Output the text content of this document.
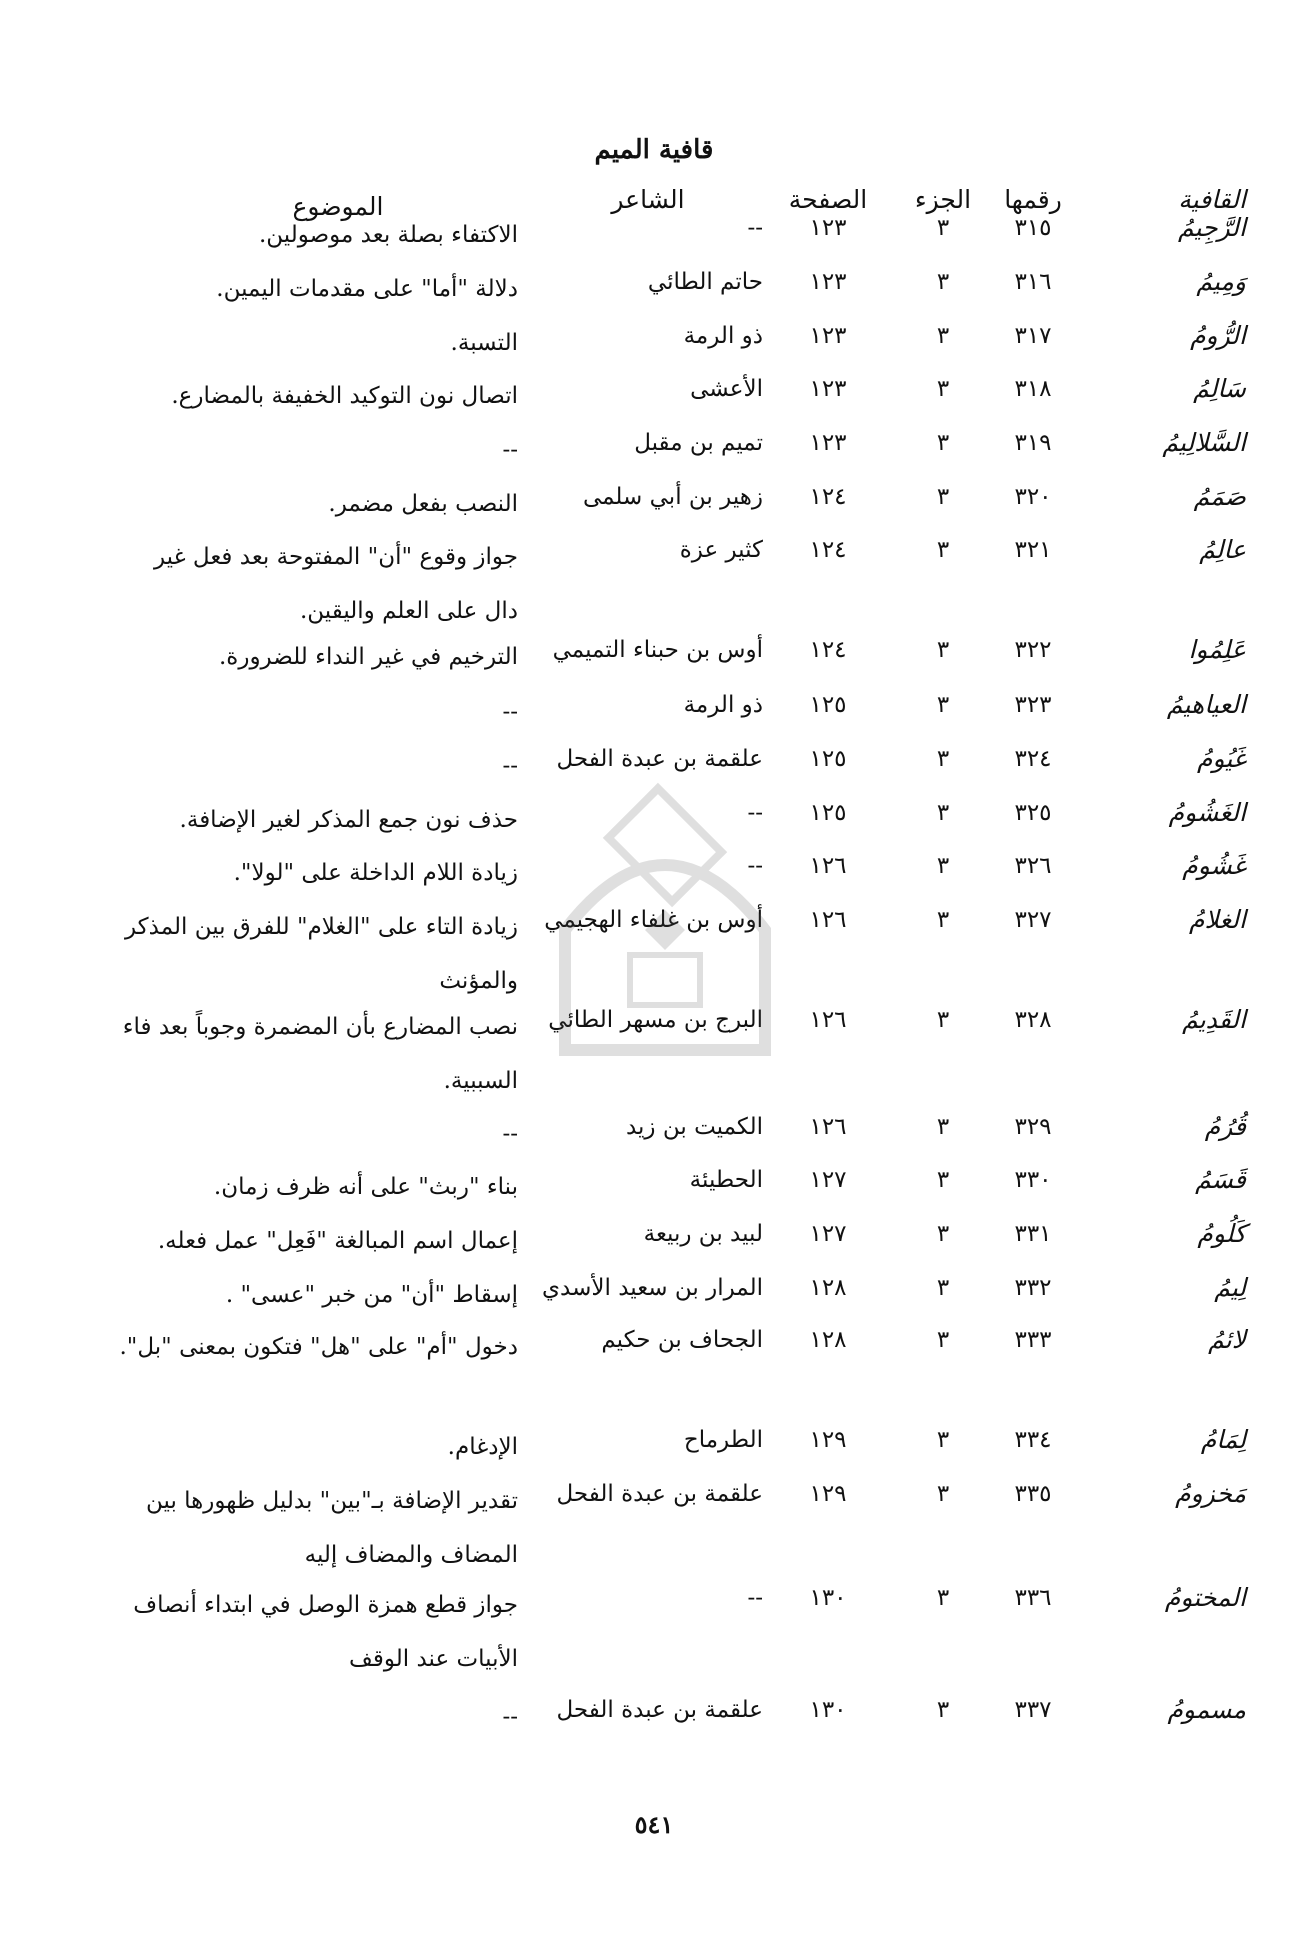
قافية الميم
القافية
رقمها
الجزء
الصفحة
الشاعر
الموضوع
الرَّجِيمُ
٣١٥
٣
١٢٣
--
الاكتفاء بصلة بعد موصولين.
وَمِيمُ
٣١٦
٣
١٢٣
حاتم الطائي
دلالة "أما" على مقدمات اليمين.
الرُّومُ
٣١٧
٣
١٢٣
ذو الرمة
التسبة.
سَالِمُ
٣١٨
٣
١٢٣
الأعشى
اتصال نون التوكيد الخفيفة بالمضارع.
السَّلالِيمُ
٣١٩
٣
١٢٣
تميم بن مقبل
--
صَمَمُ
٣٢٠
٣
١٢٤
زهير بن أبي سلمى
النصب بفعل مضمر.
عالِمُ
٣٢١
٣
١٢٤
كثير عزة
جواز وقوع "أن" المفتوحة بعد فعل غير دال على العلم واليقين.
عَلِمُوا
٣٢٢
٣
١٢٤
أوس بن حبناء التميمي
الترخيم في غير النداء للضرورة.
العياهيمُ
٣٢٣
٣
١٢٥
ذو الرمة
--
غَيُومُ
٣٢٤
٣
١٢٥
علقمة بن عبدة الفحل
--
الغَشُومُ
٣٢٥
٣
١٢٥
--
حذف نون جمع المذكر لغير الإضافة.
غَشُومُ
٣٢٦
٣
١٢٦
--
زيادة اللام الداخلة على "لولا".
الغلامُ
٣٢٧
٣
١٢٦
أوس بن غلفاء الهجيمي
زيادة التاء على "الغلام" للفرق بين المذكر والمؤنث
القَدِيمُ
٣٢٨
٣
١٢٦
البرج بن مسهر الطائي
نصب المضارع بأن المضمرة وجوباً بعد فاء السببية.
قُرُمُ
٣٢٩
٣
١٢٦
الكميت بن زيد
--
قَسَمُ
٣٣٠
٣
١٢٧
الحطيئة
بناء "ربث" على أنه ظرف زمان.
كَلُومُ
٣٣١
٣
١٢٧
لبيد بن ربيعة
إعمال اسم المبالغة "فَعِل" عمل فعله.
لِيمُ
٣٣٢
٣
١٢٨
المرار بن سعيد الأسدي
إسقاط "أن" من خبر "عسى" .
لائمُ
٣٣٣
٣
١٢٨
الجحاف بن حكيم
دخول "أم" على "هل" فتكون بمعنى "بل".
لِمَامُ
٣٣٤
٣
١٢٩
الطرماح
الإدغام.
مَخزومُ
٣٣٥
٣
١٢٩
علقمة بن عبدة الفحل
تقدير الإضافة بـ"بين" بدليل ظهورها بين المضاف والمضاف إليه
المختومُ
٣٣٦
٣
١٣٠
--
جواز قطع همزة الوصل في ابتداء أنصاف الأبيات عند الوقف
مسمومُ
٣٣٧
٣
١٣٠
علقمة بن عبدة الفحل
--
٥٤١
